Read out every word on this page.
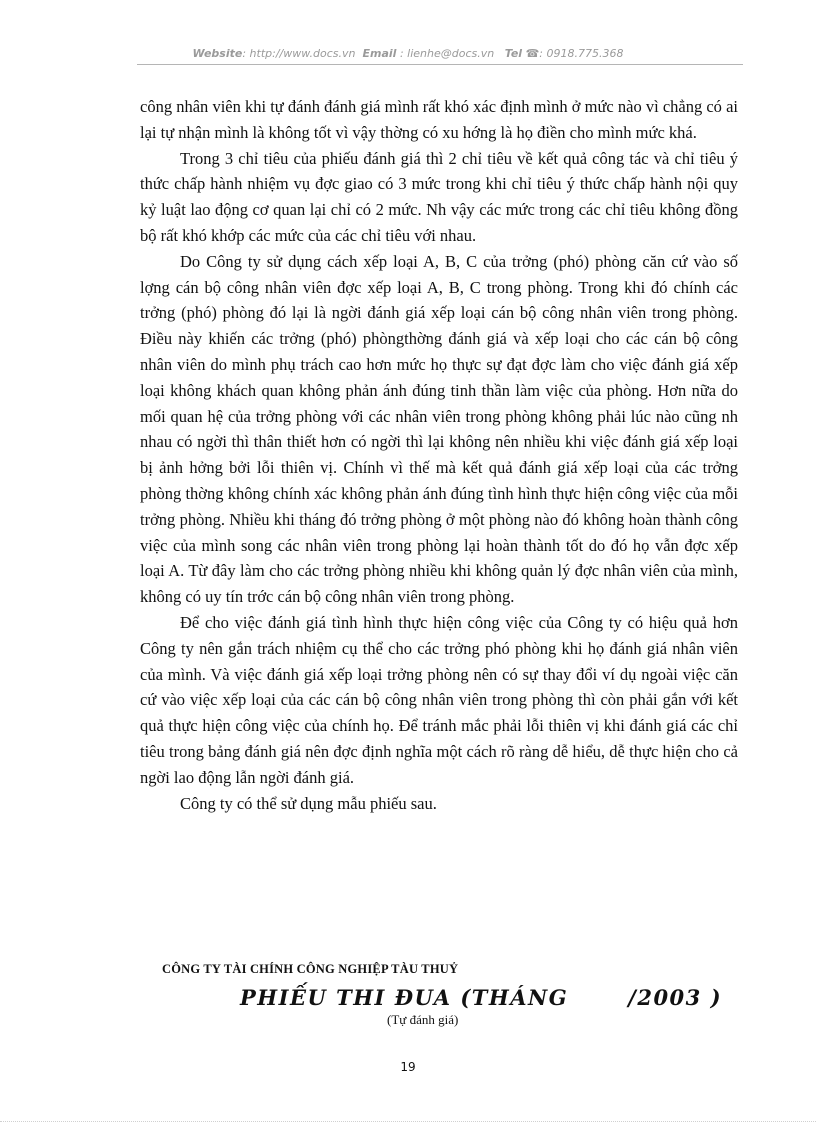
Website: http://www.docs.vn Email : lienhe@docs.vn Tel ☎: 0918.775.368

công nhân viên khi tự đánh đánh giá mình rất khó xác định mình ở mức nào vì chẳng có ai lại tự nhận mình là không tốt vì vậy thờng có xu hớng là họ điền cho mình mức khá.

Trong 3 chỉ tiêu của phiếu đánh giá thì 2 chỉ tiêu về kết quả công tác và chỉ tiêu ý thức chấp hành nhiệm vụ đợc giao có 3 mức trong khi chỉ tiêu ý thức chấp hành nội quy kỷ luật lao động cơ quan lại chỉ có 2 mức. Nh vậy các mức trong các chỉ tiêu không đồng bộ rất khó khớp các mức của các chỉ tiêu với nhau.

Do Công ty sử dụng cách xếp loại A, B, C của trởng (phó) phòng căn cứ vào số lợng cán bộ công nhân viên đợc xếp loại A, B, C trong phòng. Trong khi đó chính các trởng (phó) phòng đó lại là ngời đánh giá xếp loại cán bộ công nhân viên trong phòng. Điều này khiến các trởng (phó) phòngthờng đánh giá và xếp loại cho các cán bộ công nhân viên do mình phụ trách cao hơn mức họ thực sự đạt đợc làm cho việc đánh giá xếp loại không khách quan không phản ánh đúng tinh thần làm việc của phòng. Hơn nữa do mối quan hệ của trởng phòng với các nhân viên trong phòng không phải lúc nào cũng nh nhau có ngời thì thân thiết hơn có ngời thì lại không nên nhiều khi việc đánh giá xếp loại bị ảnh hởng bởi lỗi thiên vị. Chính vì thế mà kết quả đánh giá xếp loại của các trởng phòng thờng không chính xác không phản ánh đúng tình hình thực hiện công việc của mỗi trởng phòng. Nhiều khi tháng đó trởng phòng ở một phòng nào đó không hoàn thành công việc của mình song các nhân viên trong phòng lại hoàn thành tốt do đó họ vẫn đợc xếp loại A. Từ đây làm cho các trởng phòng nhiều khi không quản lý đợc nhân viên của mình, không có uy tín trớc cán bộ công nhân viên trong phòng.

Để cho việc đánh giá tình hình thực hiện công việc của Công ty có hiệu quả hơn Công ty nên gắn trách nhiệm cụ thể cho các trởng phó phòng khi họ đánh giá nhân viên của mình. Và việc đánh giá xếp loại trởng phòng nên có sự thay đổi ví dụ ngoài việc căn cứ vào việc xếp loại của các cán bộ công nhân viên trong phòng thì còn phải gắn với kết quả thực hiện công việc của chính họ. Để tránh mắc phải lỗi thiên vị khi đánh giá các chỉ tiêu trong bảng đánh giá nên đợc định nghĩa một cách rõ ràng dễ hiểu, dễ thực hiện cho cả ngời lao động lẫn ngời đánh giá.

Công ty có thể sử dụng mẫu phiếu sau.

CÔNG TY TÀI CHÍNH CÔNG NGHIỆP TÀU THUỶ
PHIẾU THI ĐUA (THÁNG	/2003 )
(Tự đánh giá)
19
